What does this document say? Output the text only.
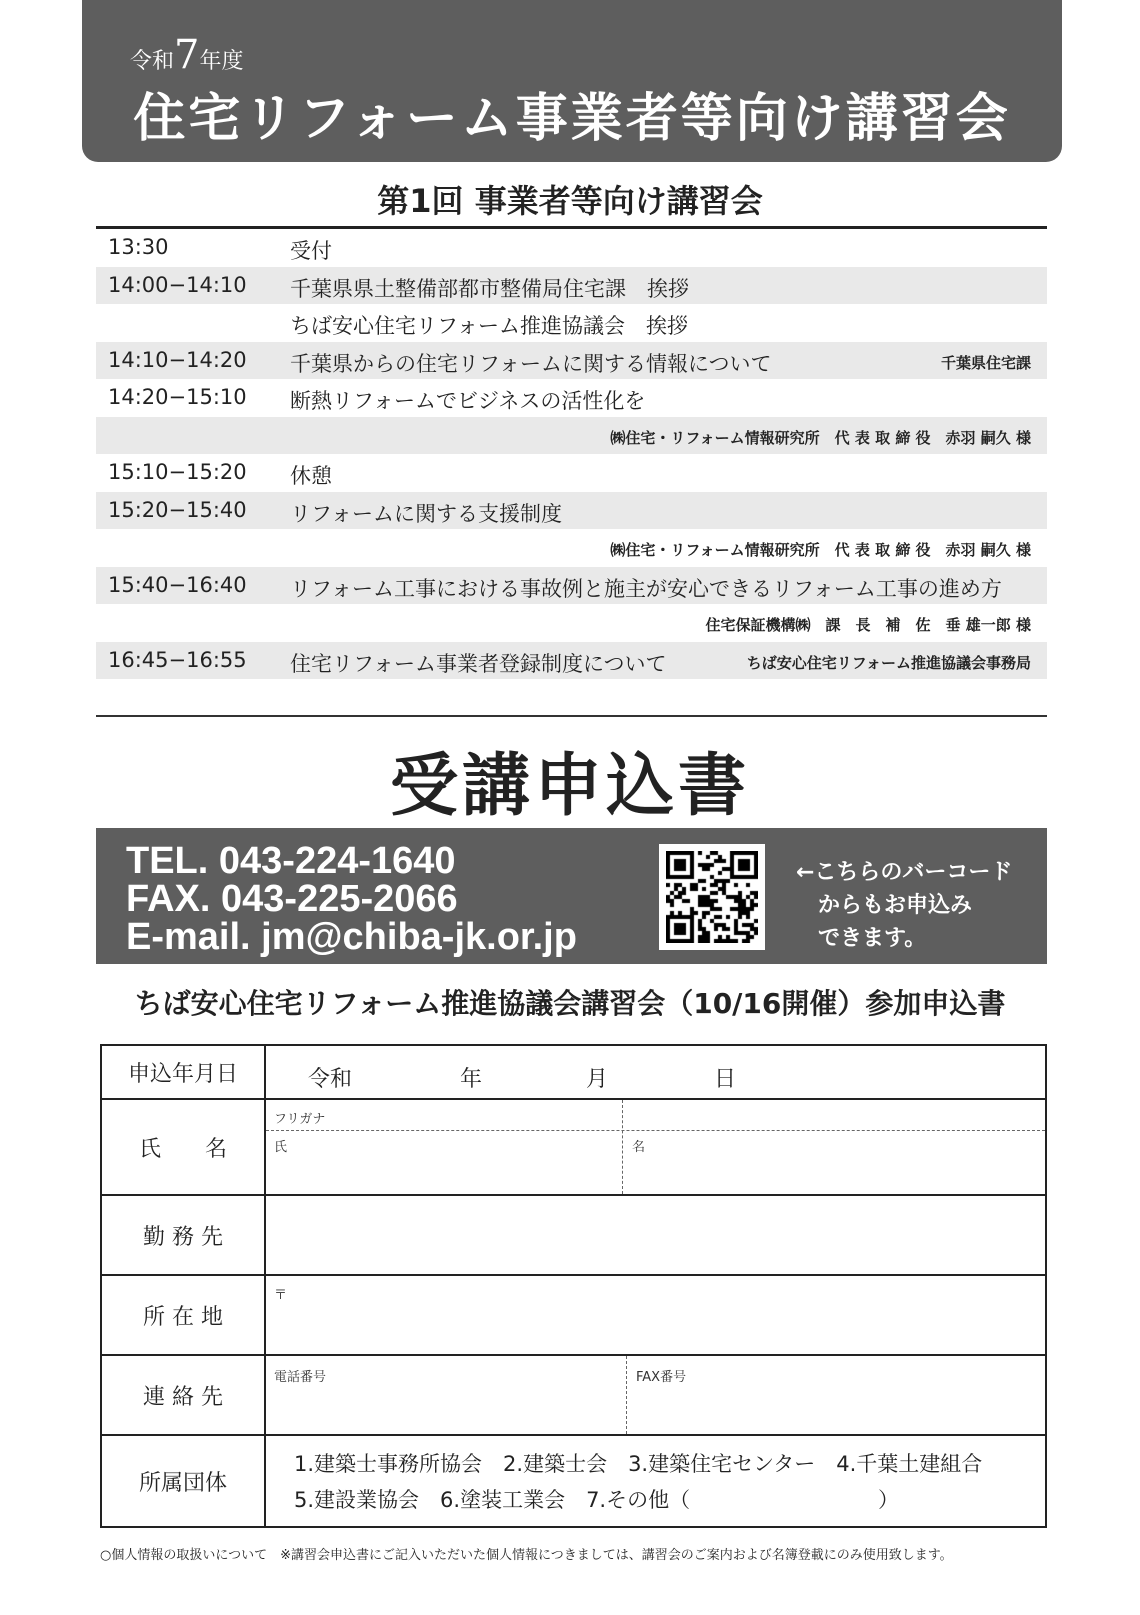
令和7年度
住宅リフォーム事業者等向け講習会
第1回 事業者等向け講習会
13:30	受付
14:00−14:10 千葉県県土整備部都市整備局住宅課　挨拶
ちば安心住宅リフォーム推進協議会　挨拶
14:10−14:20 千葉県からの住宅リフォームに関する情報について	千葉県住宅課
14:20−15:10 断熱リフォームでビジネスの活性化を
㈱住宅・リフォーム情報研究所　代 表 取 締 役　赤羽 嗣久 様
15:10−15:20 休憩
15:20−15:40 リフォームに関する支援制度
㈱住宅・リフォーム情報研究所　代 表 取 締 役　赤羽 嗣久 様
15:40−16:40 リフォーム工事における事故例と施主が安心できるリフォーム工事の進め方
住宅保証機構㈱　課　長　補　佐　垂 雄一郎 様
16:45−16:55 住宅リフォーム事業者登録制度について	ちば安心住宅リフォーム推進協議会事務局
受講申込書
TEL. 043-224-1640
FAX. 043-225-2066
E-mail. jm@chiba-jk.or.jp
←こちらのバーコード
からもお申込み
できます。
ちば安心住宅リフォーム推進協議会講習会（10/16開催）参加申込書
申込年月日	令和	年	月	日
氏　　名
フリガナ
氏	名
勤 務 先
所 在 地
〒
連 絡 先
電話番号	FAX番号
所属団体
1.建築士事務所協会　2.建築士会　3.建築住宅センター　4.千葉土建組合
5.建設業協会　6.塗装工業会　7.その他（	）
○個人情報の取扱いについて　※講習会申込書にご記入いただいた個人情報につきましては、講習会のご案内および名簿登載にのみ使用致します。
